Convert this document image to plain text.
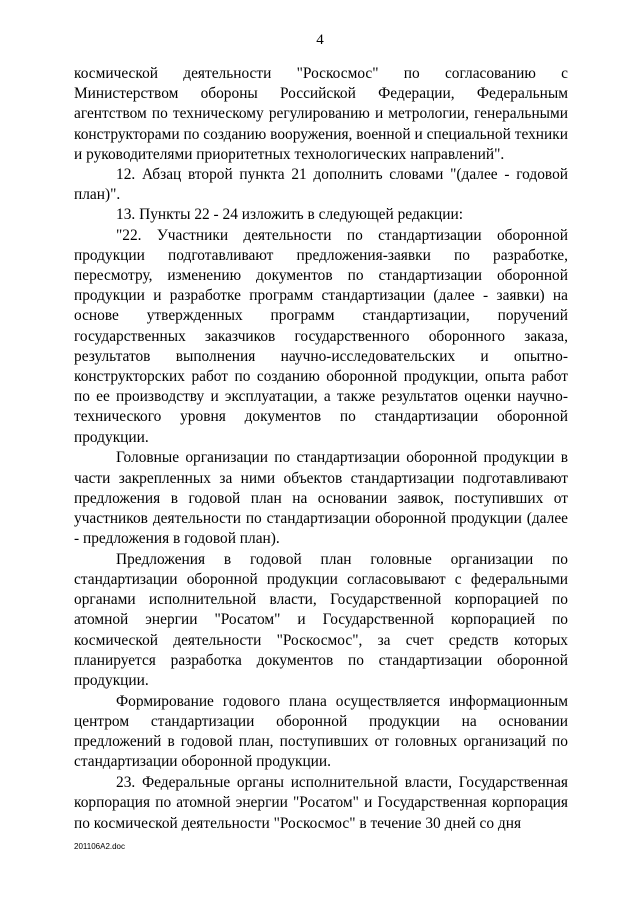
4

космической деятельности "Роскосмос" по согласованию с Министерством обороны Российской Федерации, Федеральным агентством по техническому регулированию и метрологии, генеральными конструкторами по созданию вооружения, военной и специальной техники и руководителями приоритетных технологических направлений".

12. Абзац второй пункта 21 дополнить словами "(далее - годовой план)".

13. Пункты 22 - 24 изложить в следующей редакции:

"22. Участники деятельности по стандартизации оборонной продукции подготавливают предложения-заявки по разработке, пересмотру, изменению документов по стандартизации оборонной продукции и разработке программ стандартизации (далее - заявки) на основе утвержденных программ стандартизации, поручений государственных заказчиков государственного оборонного заказа, результатов выполнения научно-исследовательских и опытно-конструкторских работ по созданию оборонной продукции, опыта работ по ее производству и эксплуатации, а также результатов оценки научно-технического уровня документов по стандартизации оборонной продукции.

Головные организации по стандартизации оборонной продукции в части закрепленных за ними объектов стандартизации подготавливают предложения в годовой план на основании заявок, поступивших от участников деятельности по стандартизации оборонной продукции (далее - предложения в годовой план).

Предложения в годовой план головные организации по стандартизации оборонной продукции согласовывают с федеральными органами исполнительной власти, Государственной корпорацией по атомной энергии "Росатом" и Государственной корпорацией по космической деятельности "Роскосмос", за счет средств которых планируется разработка документов по стандартизации оборонной продукции.

Формирование годового плана осуществляется информационным центром стандартизации оборонной продукции на основании предложений в годовой план, поступивших от головных организаций по стандартизации оборонной продукции.

23. Федеральные органы исполнительной власти, Государственная корпорация по атомной энергии "Росатом" и Государственная корпорация по космической деятельности "Роскосмос" в течение 30 дней со дня

201106A2.doc
